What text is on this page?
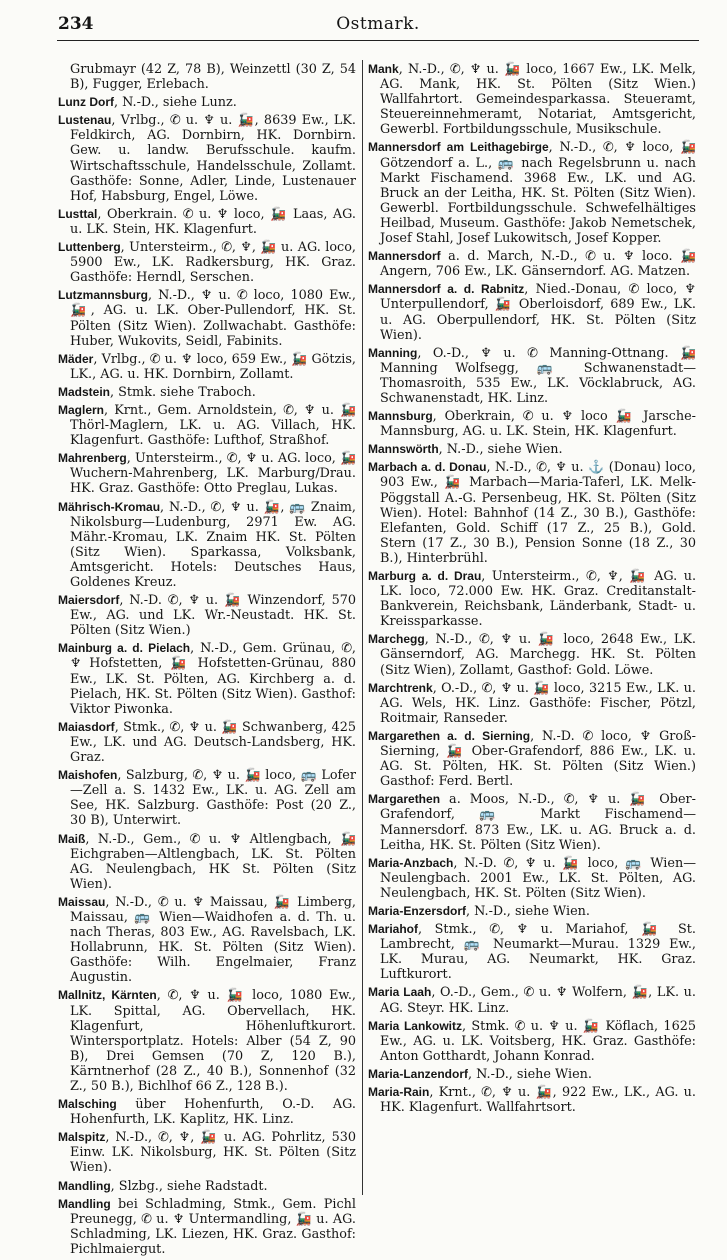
234	Ostmark.

Grubmayr (42 Z, 78 B), Weinzettl (30 Z, 54 B), Fugger, Erlebach.

Lunz Dorf, N.-D., siehe Lunz.

Lustenau, Vrlbg., ✆ u. ♆ u. 🚂, 8639 Ew., LK. Feldkirch, AG. Dornbirn, HK. Dornbirn. Gew. u. landw. Berufsschule. kaufm. Wirtschaftsschule, Handelsschule, Zollamt. Gasthöfe: Sonne, Adler, Linde, Lustenauer Hof, Habsburg, Engel, Löwe.

Lusttal, Oberkrain. ✆ u. ♆ loco, 🚂 Laas, AG. u. LK. Stein, HK. Klagenfurt.

Luttenberg, Untersteirm., ✆, ♆, 🚂 u. AG. loco, 5900 Ew., LK. Radkersburg, HK. Graz. Gasthöfe: Herndl, Serschen.

Lutzmannsburg, N.-D., ♆ u. ✆ loco, 1080 Ew., 🚂, AG. u. LK. Ober-Pullendorf, HK. St. Pölten (Sitz Wien). Zollwachabt. Gasthöfe: Huber, Wukovits, Seidl, Fabinits.

Mäder, Vrlbg., ✆ u. ♆ loco, 659 Ew., 🚂 Götzis, LK., AG. u. HK. Dornbirn, Zollamt.

Madstein, Stmk. siehe Traboch.

Maglern, Krnt., Gem. Arnoldstein, ✆, ♆ u. 🚂 Thörl-Maglern, LK. u. AG. Villach, HK. Klagenfurt. Gasthöfe: Lufthof, Straßhof.

Mahrenberg, Untersteirm., ✆, ♆ u. AG. loco, 🚂 Wuchern-Mahrenberg, LK. Marburg/Drau. HK. Graz. Gasthöfe: Otto Preglau, Lukas.

Mährisch-Kromau, N.-D., ✆, ♆ u. 🚂, 🚌 Znaim, Nikolsburg—Ludenburg, 2971 Ew. AG. Mähr.-Kromau, LK. Znaim HK. St. Pölten (Sitz Wien). Sparkassa, Volksbank, Amtsgericht. Hotels: Deutsches Haus, Goldenes Kreuz.

Maiersdorf, N.-D. ✆, ♆ u. 🚂 Winzendorf, 570 Ew., AG. und LK. Wr.-Neustadt. HK. St. Pölten (Sitz Wien.)

Mainburg a. d. Pielach, N.-D., Gem. Grünau, ✆, ♆ Hofstetten, 🚂 Hofstetten-Grünau, 880 Ew., LK. St. Pölten, AG. Kirchberg a. d. Pielach, HK. St. Pölten (Sitz Wien). Gasthof: Viktor Piwonka.

Maiasdorf, Stmk., ✆, ♆ u. 🚂 Schwanberg, 425 Ew., LK. und AG. Deutsch-Landsberg, HK. Graz.

Maishofen, Salzburg, ✆, ♆ u. 🚂 loco, 🚌 Lofer—Zell a. S. 1432 Ew., LK. u. AG. Zell am See, HK. Salzburg. Gasthöfe: Post (20 Z., 30 B), Unterwirt.

Maiß, N.-D., Gem., ✆ u. ♆ Altlengbach, 🚂 Eichgraben—Altlengbach, LK. St. Pölten AG. Neulengbach, HK St. Pölten (Sitz Wien).

Maissau, N.-D., ✆ u. ♆ Maissau, 🚂 Limberg, Maissau, 🚌 Wien—Waidhofen a. d. Th. u. nach Theras, 803 Ew., AG. Ravelsbach, LK. Hollabrunn, HK. St. Pölten (Sitz Wien). Gasthöfe: Wilh. Engelmaier, Franz Augustin.

Mallnitz, Kärnten, ✆, ♆ u. 🚂 loco, 1080 Ew., LK. Spittal, AG. Obervellach, HK. Klagenfurt, Höhenluftkurort. Wintersportplatz. Hotels: Alber (54 Z, 90 B), Drei Gemsen (70 Z, 120 B.), Kärntnerhof (28 Z., 40 B.), Sonnenhof (32 Z., 50 B.), Bichlhof 66 Z., 128 B.).

Malsching über Hohenfurth, O.-D. AG. Hohenfurth, LK. Kaplitz, HK. Linz.

Malspitz, N.-D., ✆, ♆, 🚂 u. AG. Pohrlitz, 530 Einw. LK. Nikolsburg, HK. St. Pölten (Sitz Wien).

Mandling, Slzbg., siehe Radstadt.

Mandling bei Schladming, Stmk., Gem. Pichl Preunegg, ✆ u. ♆ Untermandling, 🚂 u. AG. Schladming, LK. Liezen, HK. Graz. Gasthof: Pichlmaiergut.

Mank, N.-D., ✆, ♆ u. 🚂 loco, 1667 Ew., LK. Melk, AG. Mank, HK. St. Pölten (Sitz Wien.) Wallfahrtort. Gemeindesparkassa. Steueramt, Steuereinnehmeramt, Notariat, Amtsgericht, Gewerbl. Fortbildungsschule, Musikschule.

Mannersdorf am Leithagebirge, N.-D., ✆, ♆ loco, 🚂 Götzendorf a. L., 🚌 nach Regelsbrunn u. nach Markt Fischamend. 3968 Ew., LK. und AG. Bruck an der Leitha, HK. St. Pölten (Sitz Wien). Gewerbl. Fortbildungsschule. Schwefelhältiges Heilbad, Museum. Gasthöfe: Jakob Nemetschek, Josef Stahl, Josef Lukowitsch, Josef Kopper.

Mannersdorf a. d. March, N.-D., ✆ u. ♆ loco. 🚂 Angern, 706 Ew., LK. Gänserndorf. AG. Matzen.

Mannersdorf a. d. Rabnitz, Nied.-Donau, ✆ loco, ♆ Unterpullendorf, 🚂 Oberloisdorf, 689 Ew., LK. u. AG. Oberpullendorf, HK. St. Pölten (Sitz Wien).

Manning, O.-D., ♆ u. ✆ Manning-Ottnang. 🚂 Manning Wolfsegg, 🚌 Schwanenstadt—Thomasroith, 535 Ew., LK. Vöcklabruck, AG. Schwanenstadt, HK. Linz.

Mannsburg, Oberkrain, ✆ u. ♆ loco 🚂 Jarsche-Mannsburg, AG. u. LK. Stein, HK. Klagenfurt.

Mannswörth, N.-D., siehe Wien.

Marbach a. d. Donau, N.-D., ✆, ♆ u. ⚓ (Donau) loco, 903 Ew., 🚂 Marbach—Maria-Taferl, LK. Melk-Pöggstall A.-G. Persenbeug, HK. St. Pölten (Sitz Wien). Hotel: Bahnhof (14 Z., 30 B.), Gasthöfe: Elefanten, Gold. Schiff (17 Z., 25 B.), Gold. Stern (17 Z., 30 B.), Pension Sonne (18 Z., 30 B.), Hinterbrühl.

Marburg a. d. Drau, Untersteirm., ✆, ♆, 🚂 AG. u. LK. loco, 72.000 Ew. HK. Graz. Creditanstalt-Bankverein, Reichsbank, Länderbank, Stadt- u. Kreissparkasse.

Marchegg, N.-D., ✆, ♆ u. 🚂 loco, 2648 Ew., LK. Gänserndorf, AG. Marchegg. HK. St. Pölten (Sitz Wien), Zollamt, Gasthof: Gold. Löwe.

Marchtrenk, O.-D., ✆, ♆ u. 🚂 loco, 3215 Ew., LK. u. AG. Wels, HK. Linz. Gasthöfe: Fischer, Pötzl, Roitmair, Ranseder.

Margarethen a. d. Sierning, N.-D. ✆ loco, ♆ Groß-Sierning, 🚂 Ober-Grafendorf, 886 Ew., LK. u. AG. St. Pölten, HK. St. Pölten (Sitz Wien.) Gasthof: Ferd. Bertl.

Margarethen a. Moos, N.-D., ✆, ♆ u. 🚂 Ober-Grafendorf, 🚌 Markt Fischamend—Mannersdorf. 873 Ew., LK. u. AG. Bruck a. d. Leitha, HK. St. Pölten (Sitz Wien).

Maria-Anzbach, N.-D. ✆, ♆ u. 🚂 loco, 🚌 Wien—Neulengbach. 2001 Ew., LK. St. Pölten, AG. Neulengbach, HK. St. Pölten (Sitz Wien).

Maria-Enzersdorf, N.-D., siehe Wien.

Mariahof, Stmk., ✆, ♆ u. Mariahof, 🚂 St. Lambrecht, 🚌 Neumarkt—Murau. 1329 Ew., LK. Murau, AG. Neumarkt, HK. Graz. Luftkurort.

Maria Laah, O.-D., Gem., ✆ u. ♆ Wolfern, 🚂, LK. u. AG. Steyr. HK. Linz.

Maria Lankowitz, Stmk. ✆ u. ♆ u. 🚂 Köflach, 1625 Ew., AG. u. LK. Voitsberg, HK. Graz. Gasthöfe: Anton Gotthardt, Johann Konrad.

Maria-Lanzendorf, N.-D., siehe Wien.

Maria-Rain, Krnt., ✆, ♆ u. 🚂, 922 Ew., LK., AG. u. HK. Klagenfurt. Wallfahrtsort.
